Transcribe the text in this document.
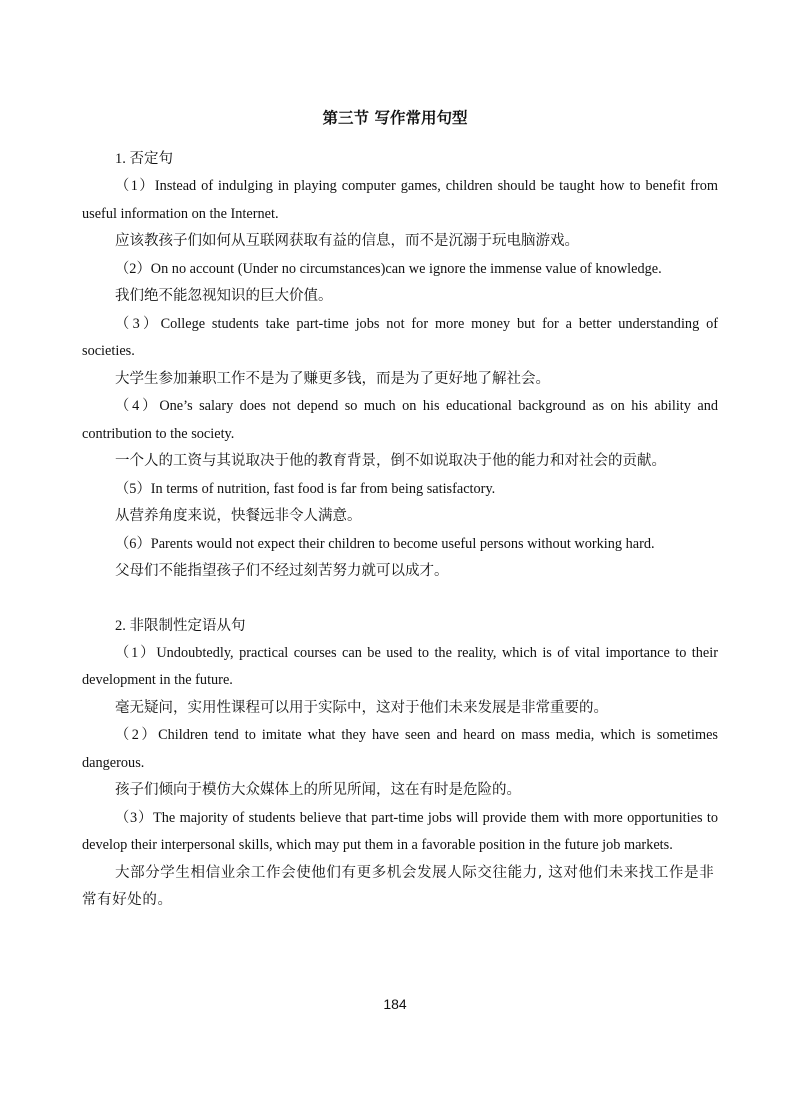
第三节 写作常用句型
1. 否定句
（1）Instead of indulging in playing computer games, children should be taught how to benefit from useful information on the Internet.
应该教孩子们如何从互联网获取有益的信息，而不是沉溺于玩电脑游戏。
（2）On no account (Under no circumstances)can we ignore the immense value of knowledge.
我们绝不能忽视知识的巨大价值。
（3）College students take part-time jobs not for more money but for a better understanding of societies.
大学生参加兼职工作不是为了赚更多钱，而是为了更好地了解社会。
（4）One’s salary does not depend so much on his educational background as on his ability and contribution to the society.
一个人的工资与其说取决于他的教育背景，倒不如说取决于他的能力和对社会的贡献。
（5）In terms of nutrition, fast food is far from being satisfactory.
从营养角度来说，快餐远非令人满意。
（6）Parents would not expect their children to become useful persons without working hard.
父母们不能指望孩子们不经过刻苦努力就可以成才。
2. 非限制性定语从句
（1）Undoubtedly, practical courses can be used to the reality, which is of vital importance to their development in the future.
毫无疑问，实用性课程可以用于实际中，这对于他们未来发展是非常重要的。
（2）Children tend to imitate what they have seen and heard on mass media, which is sometimes dangerous.
孩子们倾向于模仿大众媒体上的所见所闻，这在有时是危险的。
（3）The majority of students believe that part-time jobs will provide them with more opportunities to develop their interpersonal skills, which may put them in a favorable position in the future job markets.
大部分学生相信业余工作会使他们有更多机会发展人际交往能力, 这对他们未来找工作是非常有好处的。
184
